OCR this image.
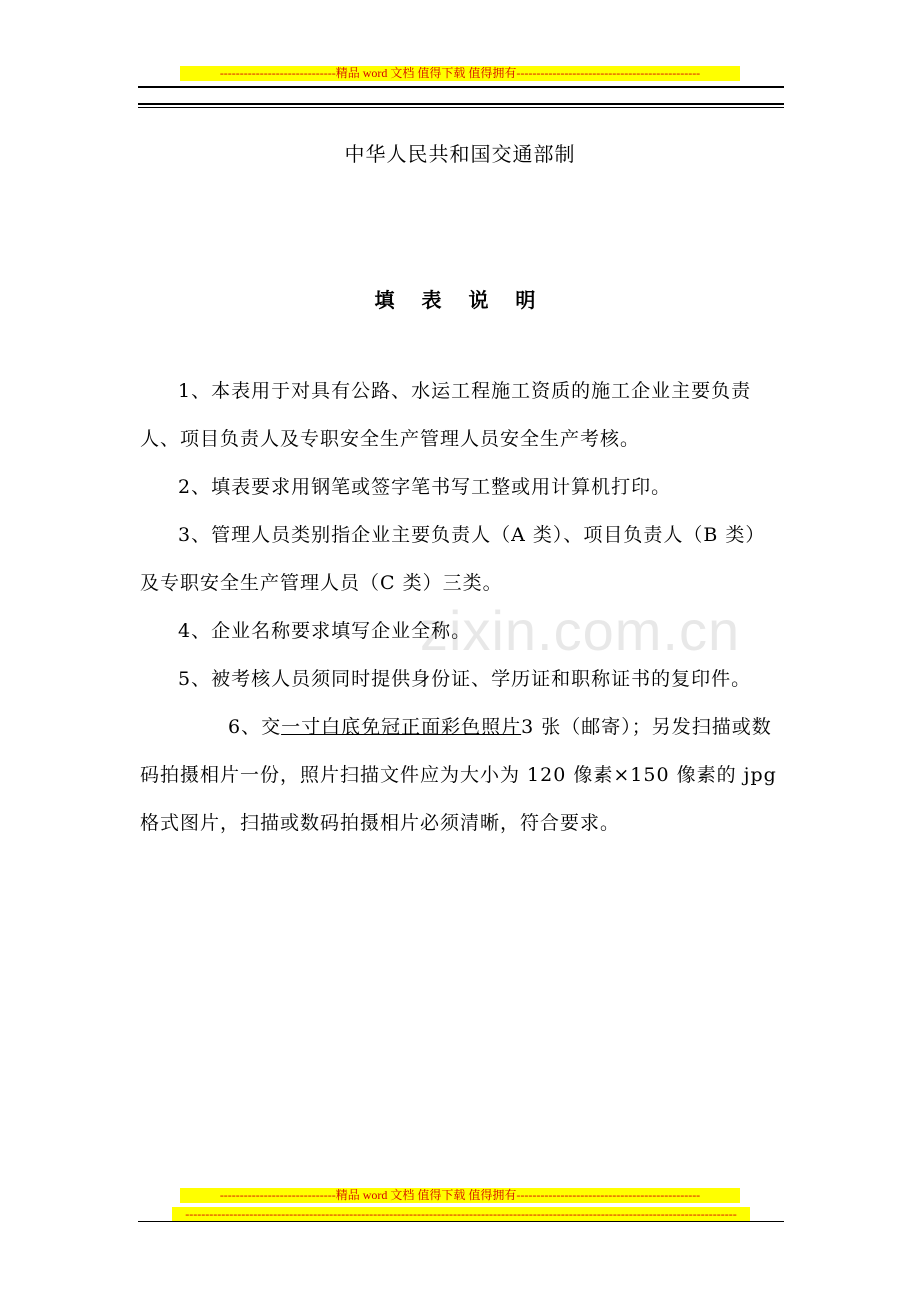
-----------------------------精品 word 文档 值得下载 值得拥有----------------------------------------------
中华人民共和国交通部制
填 表 说 明
zixin.com.cn

1、本表用于对具有公路、水运工程施工资质的施工企业主要负责人、项目负责人及专职安全生产管理人员安全生产考核。

2、填表要求用钢笔或签字笔书写工整或用计算机打印。

3、管理人员类别指企业主要负责人（A 类）、项目负责人（B 类）及专职安全生产管理人员（C 类）三类。

4、企业名称要求填写企业全称。

5、被考核人员须同时提供身份证、学历证和职称证书的复印件。

6、交一寸白底免冠正面彩色照片3 张（邮寄）；另发扫描或数码拍摄相片一份，照片扫描文件应为大小为 120 像素×150 像素的 jpg 格式图片，扫描或数码拍摄相片必须清晰，符合要求。

-----------------------------精品 word 文档 值得下载 值得拥有----------------------------------------------
------------------------------------------------------------------------------------------------------------------------------------------
